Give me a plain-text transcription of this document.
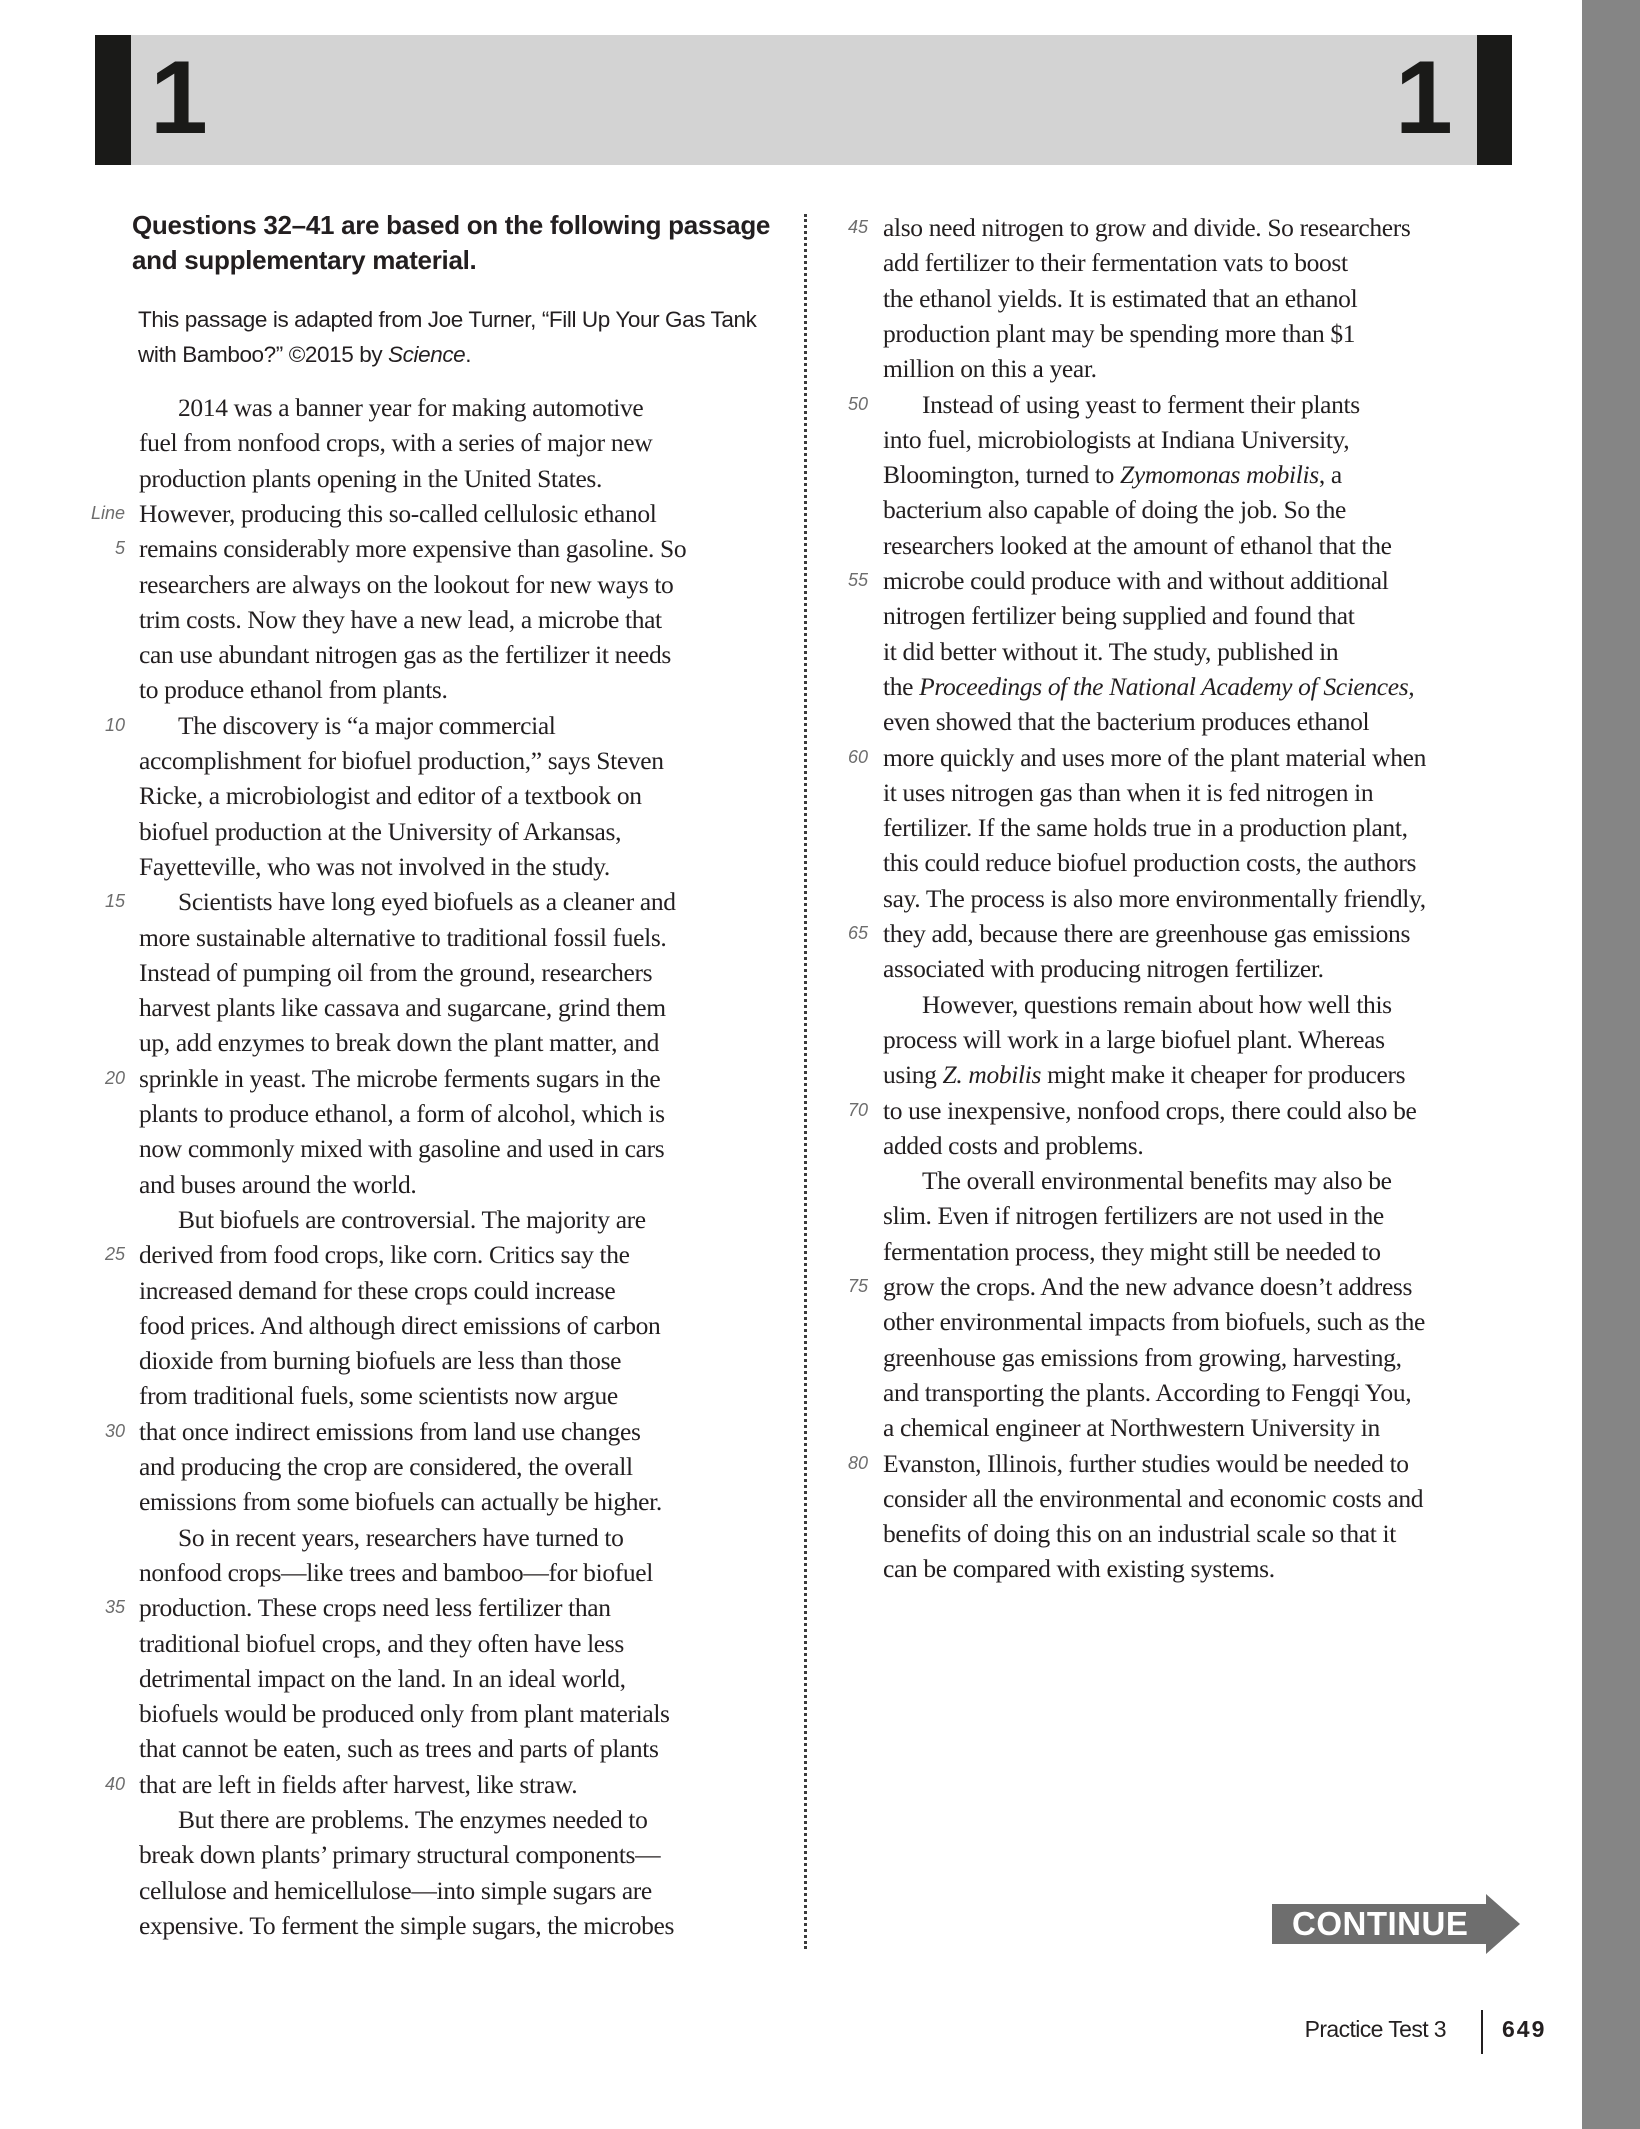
1	1
Questions 32–41 are based on the following passage and supplementary material.
This passage is adapted from Joe Turner, “Fill Up Your Gas Tank with Bamboo?” ©2015 by Science.
2014 was a banner year for making automotive
fuel from nonfood crops, with a series of major new
production plants opening in the United States.
Line However, producing this so-called cellulosic ethanol
5 remains considerably more expensive than gasoline. So
researchers are always on the lookout for new ways to
trim costs. Now they have a new lead, a microbe that
can use abundant nitrogen gas as the fertilizer it needs
to produce ethanol from plants.
10	The discovery is “a major commercial
accomplishment for biofuel production,” says Steven
Ricke, a microbiologist and editor of a textbook on
biofuel production at the University of Arkansas,
Fayetteville, who was not involved in the study.
15	Scientists have long eyed biofuels as a cleaner and
more sustainable alternative to traditional fossil fuels.
Instead of pumping oil from the ground, researchers
harvest plants like cassava and sugarcane, grind them
up, add enzymes to break down the plant matter, and
20 sprinkle in yeast. The microbe ferments sugars in the
plants to produce ethanol, a form of alcohol, which is
now commonly mixed with gasoline and used in cars
and buses around the world.
But biofuels are controversial. The majority are
25 derived from food crops, like corn. Critics say the
increased demand for these crops could increase
food prices. And although direct emissions of carbon
dioxide from burning biofuels are less than those
from traditional fuels, some scientists now argue
30 that once indirect emissions from land use changes
and producing the crop are considered, the overall
emissions from some biofuels can actually be higher.
So in recent years, researchers have turned to
nonfood crops—like trees and bamboo—for biofuel
35 production. These crops need less fertilizer than
traditional biofuel crops, and they often have less
detrimental impact on the land. In an ideal world,
biofuels would be produced only from plant materials
that cannot be eaten, such as trees and parts of plants
40 that are left in fields after harvest, like straw.
But there are problems. The enzymes needed to
break down plants’ primary structural components—
cellulose and hemicellulose—into simple sugars are
expensive. To ferment the simple sugars, the microbes
45 also need nitrogen to grow and divide. So researchers
add fertilizer to their fermentation vats to boost
the ethanol yields. It is estimated that an ethanol
production plant may be spending more than $1
million on this a year.
50	Instead of using yeast to ferment their plants
into fuel, microbiologists at Indiana University,
Bloomington, turned to Zymomonas mobilis, a
bacterium also capable of doing the job. So the
researchers looked at the amount of ethanol that the
55 microbe could produce with and without additional
nitrogen fertilizer being supplied and found that
it did better without it. The study, published in
the Proceedings of the National Academy of Sciences,
even showed that the bacterium produces ethanol
60 more quickly and uses more of the plant material when
it uses nitrogen gas than when it is fed nitrogen in
fertilizer. If the same holds true in a production plant,
this could reduce biofuel production costs, the authors
say. The process is also more environmentally friendly,
65 they add, because there are greenhouse gas emissions
associated with producing nitrogen fertilizer.
However, questions remain about how well this
process will work in a large biofuel plant. Whereas
using Z. mobilis might make it cheaper for producers
70 to use inexpensive, nonfood crops, there could also be
added costs and problems.
The overall environmental benefits may also be
slim. Even if nitrogen fertilizers are not used in the
fermentation process, they might still be needed to
75 grow the crops. And the new advance doesn’t address
other environmental impacts from biofuels, such as the
greenhouse gas emissions from growing, harvesting,
and transporting the plants. According to Fengqi You,
a chemical engineer at Northwestern University in
80 Evanston, Illinois, further studies would be needed to
consider all the environmental and economic costs and
benefits of doing this on an industrial scale so that it
can be compared with existing systems.
CONTINUE
Practice Test 3 649
